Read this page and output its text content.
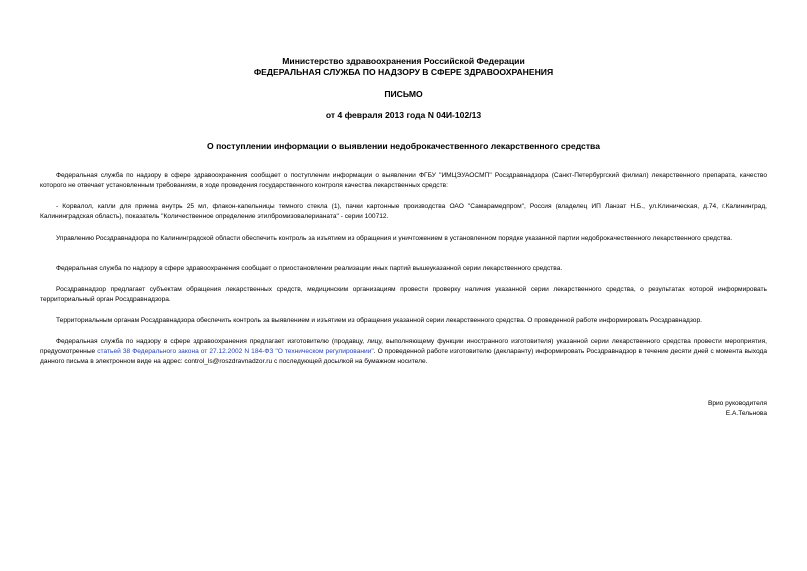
Министерство здравоохранения Российской Федерации
ФЕДЕРАЛЬНАЯ СЛУЖБА ПО НАДЗОРУ В СФЕРЕ ЗДРАВООХРАНЕНИЯ
ПИСЬМО
от 4 февраля 2013 года N 04И-102/13
О поступлении информации о выявлении недоброкачественного лекарственного средства

Федеральная служба по надзору в сфере здравоохранения сообщает о поступлении информации о выявлении ФГБУ "ИМЦЭУАОСМП" Росздравнадзора (Санкт-Петербургский филиал) лекарственного препарата, качество которого не отвечает установленным требованиям, в ходе проведения государственного контроля качества лекарственных средств:

- Корвалол, капли для приема внутрь 25 мл, флакон-капельницы темного стекла (1), пачки картонные производства ОАО "Самарамедпром", Россия (владелец ИП Ланзат Н.Б., ул.Клиническая, д.74, г.Калининград, Калининградская область), показатель "Количественное определение этилбромизовалерианата" - серии 100712.

Управлению Росздравнадзора по Калининградской области обеспечить контроль за изъятием из обращения и уничтожением в установленном порядке указанной партии недоброкачественного лекарственного средства.

Федеральная служба по надзору в сфере здравоохранения сообщает о приостановлении реализации иных партий вышеуказанной серии лекарственного средства.

Росздравнадзор предлагает субъектам обращения лекарственных средств, медицинским организациям провести проверку наличия указанной серии лекарственного средства, о результатах которой информировать территориальный орган Росздравнадзора.

Территориальным органам Росздравнадзора обеспечить контроль за выявлением и изъятием из обращения указанной серии лекарственного средства. О проведенной работе информировать Росздравнадзор.

Федеральная служба по надзору в сфере здравоохранения предлагает изготовителю (продавцу, лицу, выполняющему функции иностранного изготовителя) указанной серии лекарственного средства провести мероприятия, предусмотренные статьей 38 Федерального закона от 27.12.2002 N 184-ФЗ "О техническом регулировании". О проведенной работе изготовителю (декларанту) информировать Росздравнадзор в течение десяти дней с момента выхода данного письма в электронном виде на адрес: control_ls@roszdravnadzor.ru с последующей досылкой на бумажном носителе.

Врио руководителя
Е.А.Тельнова
